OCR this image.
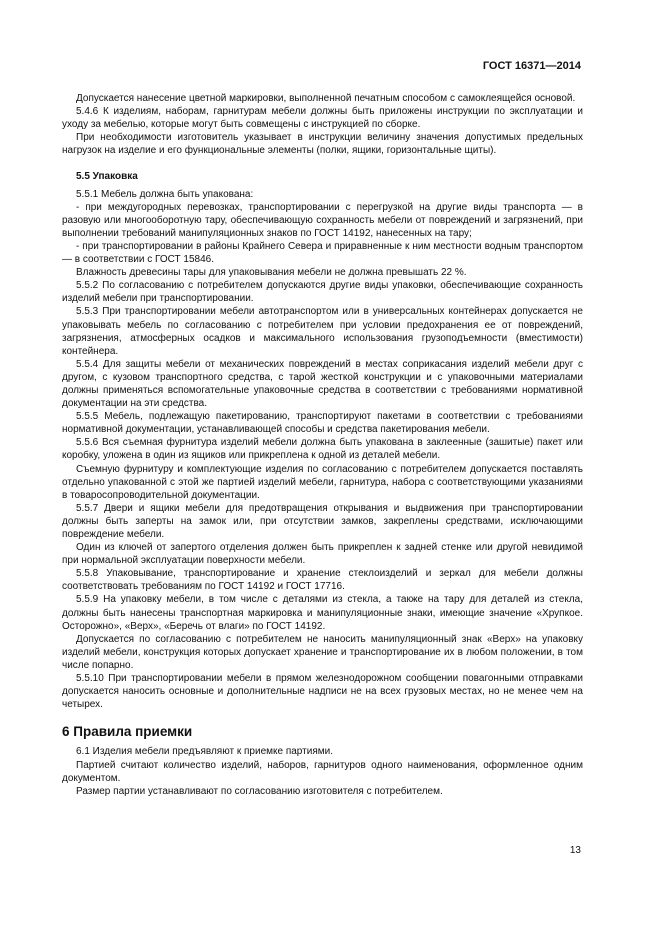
ГОСТ 16371—2014

Допускается нанесение цветной маркировки, выполненной печатным способом с самоклеящейся основой.

5.4.6 К изделиям, наборам, гарнитурам мебели должны быть приложены инструкции по эксплуатации и уходу за мебелью, которые могут быть совмещены с инструкцией по сборке.

При необходимости изготовитель указывает в инструкции величину значения допустимых предельных нагрузок на изделие и его функциональные элементы (полки, ящики, горизонтальные щиты).

5.5 Упаковка

5.5.1 Мебель должна быть упакована:

- при междугородных перевозках, транспортировании с перегрузкой на другие виды транспорта — в разовую или многооборотную тару, обеспечивающую сохранность мебели от повреждений и загрязнений, при выполнении требований манипуляционных знаков по ГОСТ 14192, нанесенных на тару;

- при транспортировании в районы Крайнего Севера и приравненные к ним местности водным транспортом — в соответствии с ГОСТ 15846.

Влажность древесины тары для упаковывания мебели не должна превышать 22 %.

5.5.2 По согласованию с потребителем допускаются другие виды упаковки, обеспечивающие сохранность изделий мебели при транспортировании.

5.5.3 При транспортировании мебели автотранспортом или в универсальных контейнерах допускается не упаковывать мебель по согласованию с потребителем при условии предохранения ее от повреждений, загрязнения, атмосферных осадков и максимального использования грузоподъемности (вместимости) контейнера.

5.5.4 Для защиты мебели от механических повреждений в местах соприкасания изделий мебели друг с другом, с кузовом транспортного средства, с тарой жесткой конструкции и с упаковочными материалами должны применяться вспомогательные упаковочные средства в соответствии с требованиями нормативной документации на эти средства.

5.5.5 Мебель, подлежащую пакетированию, транспортируют пакетами в соответствии с требованиями нормативной документации, устанавливающей способы и средства пакетирования мебели.

5.5.6 Вся съемная фурнитура изделий мебели должна быть упакована в заклеенные (зашитые) пакет или коробку, уложена в один из ящиков или прикреплена к одной из деталей мебели.

Съемную фурнитуру и комплектующие изделия по согласованию с потребителем допускается поставлять отдельно упакованной с этой же партией изделий мебели, гарнитура, набора с соответствующими указаниями в товаросопроводительной документации.

5.5.7 Двери и ящики мебели для предотвращения открывания и выдвижения при транспортировании должны быть заперты на замок или, при отсутствии замков, закреплены средствами, исключающими повреждение мебели.

Один из ключей от запертого отделения должен быть прикреплен к задней стенке или другой невидимой при нормальной эксплуатации поверхности мебели.

5.5.8 Упаковывание, транспортирование и хранение стеклоизделий и зеркал для мебели должны соответствовать требованиям по ГОСТ 14192 и ГОСТ 17716.

5.5.9 На упаковку мебели, в том числе с деталями из стекла, а также на тару для деталей из стекла, должны быть нанесены транспортная маркировка и манипуляционные знаки, имеющие значение «Хрупкое. Осторожно», «Верх», «Беречь от влаги» по ГОСТ 14192.

Допускается по согласованию с потребителем не наносить манипуляционный знак «Верх» на упаковку изделий мебели, конструкция которых допускает хранение и транспортирование их в любом положении, в том числе попарно.

5.5.10 При транспортировании мебели в прямом железнодорожном сообщении повагонными отправками допускается наносить основные и дополнительные надписи не на всех грузовых местах, но не менее чем на четырех.

6 Правила приемки

6.1 Изделия мебели предъявляют к приемке партиями.

Партией считают количество изделий, наборов, гарнитуров одного наименования, оформленное одним документом.

Размер партии устанавливают по согласованию изготовителя с потребителем.

13
